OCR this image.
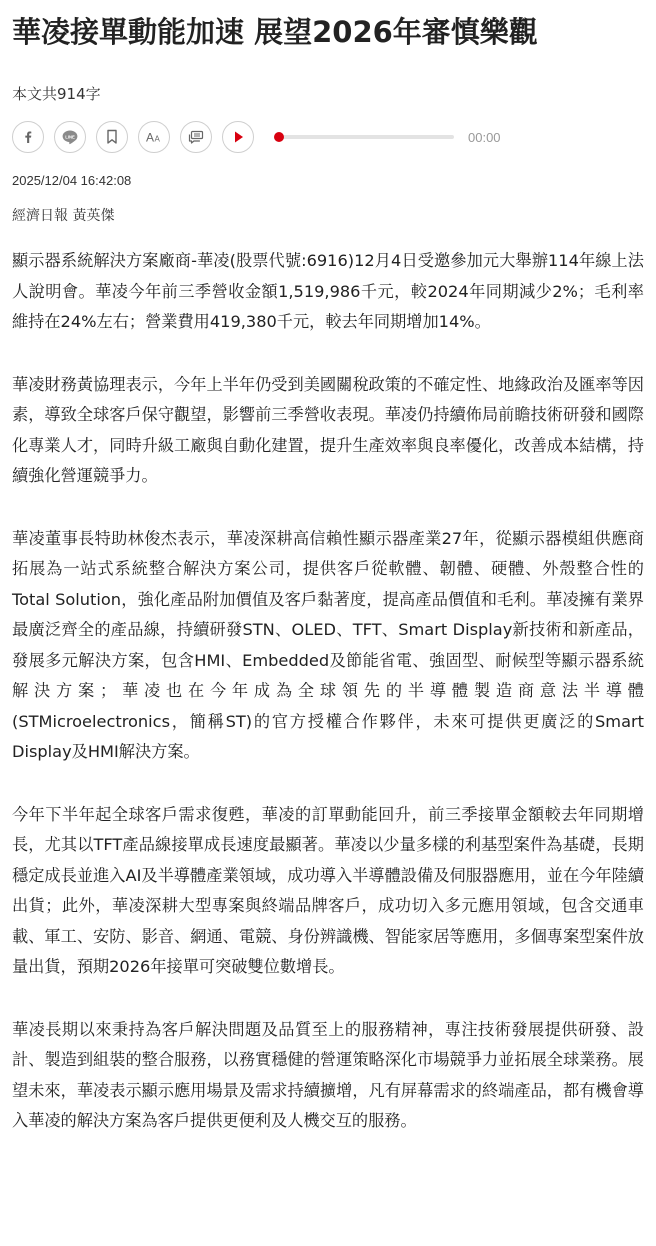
華凌接單動能加速 展望2026年審慎樂觀
本文共914字
LINE	A A	00:00
2025/12/04 16:42:08
經濟日報 黃英傑

顯示器系統解決方案廠商-華凌(股票代號:6916)12月4日受邀參加元大舉辦114年線上法人說明會。華凌今年前三季營收金額1,519,986千元，較2024年同期減少2%；毛利率維持在24%左右；營業費用419,380千元，較去年同期增加14%。

華凌財務黃協理表示，今年上半年仍受到美國關稅政策的不確定性、地緣政治及匯率等因素，導致全球客戶保守觀望，影響前三季營收表現。華凌仍持續佈局前瞻技術研發和國際化專業人才，同時升級工廠與自動化建置，提升生產效率與良率優化，改善成本結構，持續強化營運競爭力。

華凌董事長特助林俊杰表示，華凌深耕高信賴性顯示器產業27年，從顯示器模組供應商拓展為一站式系統整合解決方案公司，提供客戶從軟體、韌體、硬體、外殼整合性的Total Solution，強化產品附加價值及客戶黏著度，提高產品價值和毛利。華凌擁有業界最廣泛齊全的產品線，持續研發STN、OLED、TFT、Smart Display新技術和新產品，發展多元解決方案，包含HMI、Embedded及節能省電、強固型、耐候型等顯示器系統解決方案；華凌也在今年成為全球領先的半導體製造商意法半導體(STMicroelectronics，簡稱ST)的官方授權合作夥伴，未來可提供更廣泛的Smart Display及HMI解決方案。

今年下半年起全球客戶需求復甦，華凌的訂單動能回升，前三季接單金額較去年同期增長，尤其以TFT產品線接單成長速度最顯著。華凌以少量多樣的利基型案件為基礎，長期穩定成長並進入AI及半導體產業領域，成功導入半導體設備及伺服器應用，並在今年陸續出貨；此外，華凌深耕大型專案與終端品牌客戶，成功切入多元應用領域，包含交通車載、軍工、安防、影音、網通、電競、身份辨識機、智能家居等應用，多個專案型案件放量出貨，預期2026年接單可突破雙位數增長。

華凌長期以來秉持為客戶解決問題及品質至上的服務精神，專注技術發展提供研發、設計、製造到組裝的整合服務，以務實穩健的營運策略深化市場競爭力並拓展全球業務。展望未來，華凌表示顯示應用場景及需求持續擴增，凡有屏幕需求的終端產品，都有機會導入華凌的解決方案為客戶提供更便利及人機交互的服務。
